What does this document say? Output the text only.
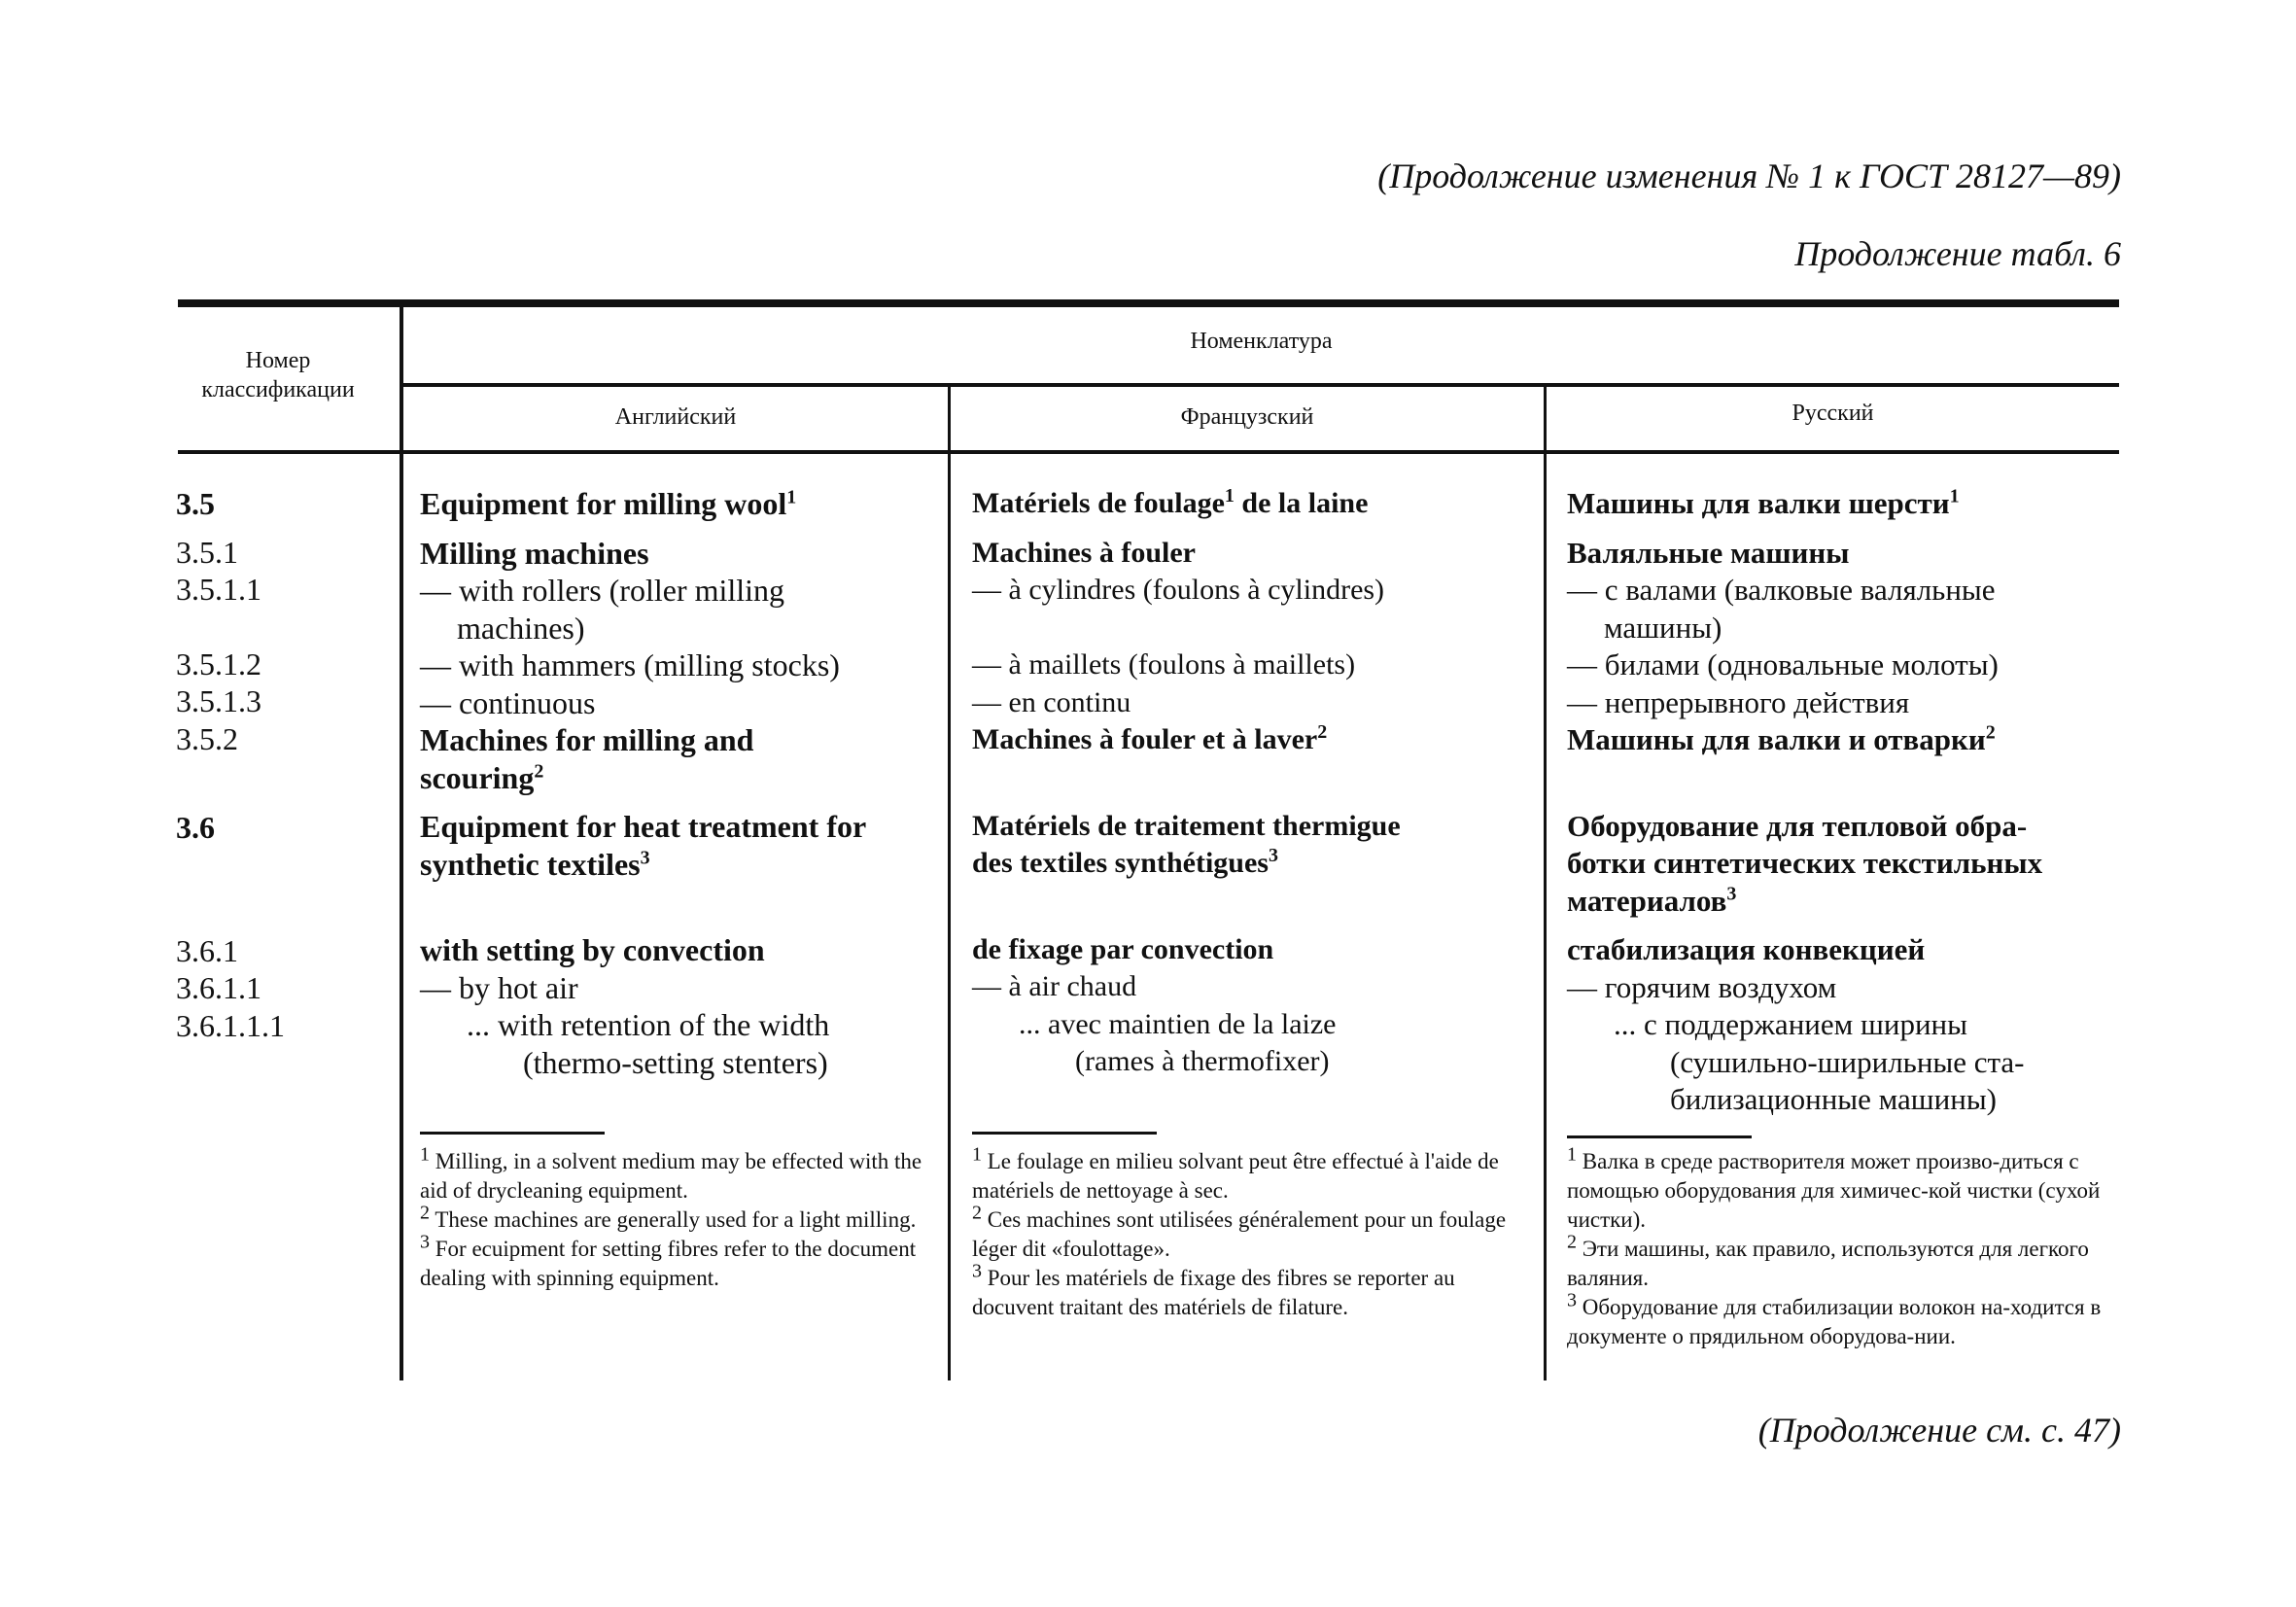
(Продолжение изменения № 1 к ГОСТ 28127—89)
Продолжение табл. 6
Номер классификации
Номенклатура
Английский	Французский	Русский
3.5
3.5.1
3.5.1.1
3.5.1.2
3.5.1.3
3.5.2
3.6
3.6.1
3.6.1.1
3.6.1.1.1
Equipment for milling wool$^1$
Milling machines
— with rollers (roller milling
machines)
— with hammers (milling stocks)
— continuous
Machines for milling and
scouring$^2$
Equipment for heat treatment for
synthetic textiles$^3$
with setting by convection
— by hot air
... with retention of the width
(thermo-setting stenters)
Matériels de foulage$^1$ de la laine
Machines à fouler
— à cylindres (foulons à cylindres)
— à maillets (foulons à maillets)
— en continu
Machines à fouler et à laver$^2$
Matériels de traitement thermigue
des textiles synthétigues$^3$
de fixage par convection
— à air chaud
... avec maintien de la laize
(rames à thermofixer)
Машины для валки шерсти$^1$
Валяльные машины
— с валами (валковые валяльные
машины)
— билами (одновальные молоты)
— непрерывного действия
Машины для валки и отварки$^2$
Оборудование для тепловой обра-
ботки синтетических текстильных
материалов$^3$
стабилизация конвекцией
— горячим воздухом
... с поддержанием ширины
(сушильно-ширильные ста-
билизационные машины)
$^1$ Milling, in a solvent medium may be effected with the aid of drycleaning equipment.
$^2$ These machines are generally used for a light milling.
$^3$ For ecuipment for setting fibres refer to the document dealing with spinning equipment.
$^1$ Le foulage en milieu solvant peut être effectué à l'aide de matériels de nettoyage à sec.
$^2$ Ces machines sont utilisées généralement pour un foulage léger dit «foulottage».
$^3$ Pour les matériels de fixage des fibres se reporter au docuvent traitant des matériels de filature.
$^1$ Валка в среде растворителя может произво-диться с помощью оборудования для химичес-кой чистки (сухой чистки).
$^2$ Эти машины, как правило, используются для легкого валяния.
$^3$ Оборудование для стабилизации волокон на-ходится в документе о прядильном оборудова-нии.
(Продолжение см. с. 47)
